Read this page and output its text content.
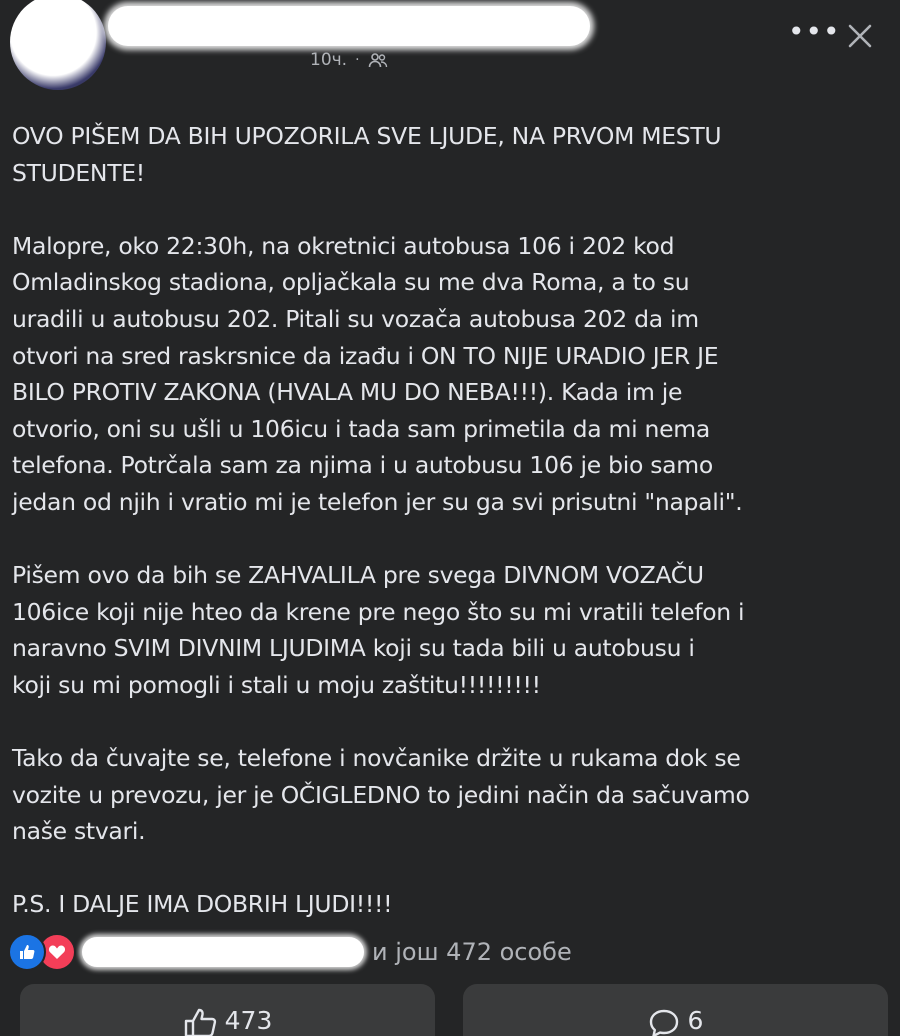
10ч. ·
•••

OVO PIŠEM DA BIH UPOZORILA SVE LJUDE, NA PRVOM MESTU
STUDENTE!

Malopre, oko 22:30h, na okretnici autobusa 106 i 202 kod
Omladinskog stadiona, opljačkala su me dva Roma, a to su
uradili u autobusu 202. Pitali su vozača autobusa 202 da im
otvori na sred raskrsnice da izađu i ON TO NIJE URADIO JER JE
BILO PROTIV ZAKONA (HVALA MU DO NEBA!!!). Kada im je
otvorio, oni su ušli u 106icu i tada sam primetila da mi nema
telefona. Potrčala sam za njima i u autobusu 106 je bio samo
jedan od njih i vratio mi je telefon jer su ga svi prisutni "napali".

Pišem ovo da bih se ZAHVALILA pre svega DIVNOM VOZAČU
106ice koji nije hteo da krene pre nego što su mi vratili telefon i
naravno SVIM DIVNIM LJUDIMA koji su tada bili u autobusu i
koji su mi pomogli i stali u moju zaštitu!!!!!!!!!

Tako da čuvajte se, telefone i novčanike držite u rukama dok se
vozite u prevozu, jer je OČIGLEDNO to jedini način da sačuvamo
naše stvari.

P.S. I DALJE IMA DOBRIH LJUDI!!!!

и још 472 особе
473	6
